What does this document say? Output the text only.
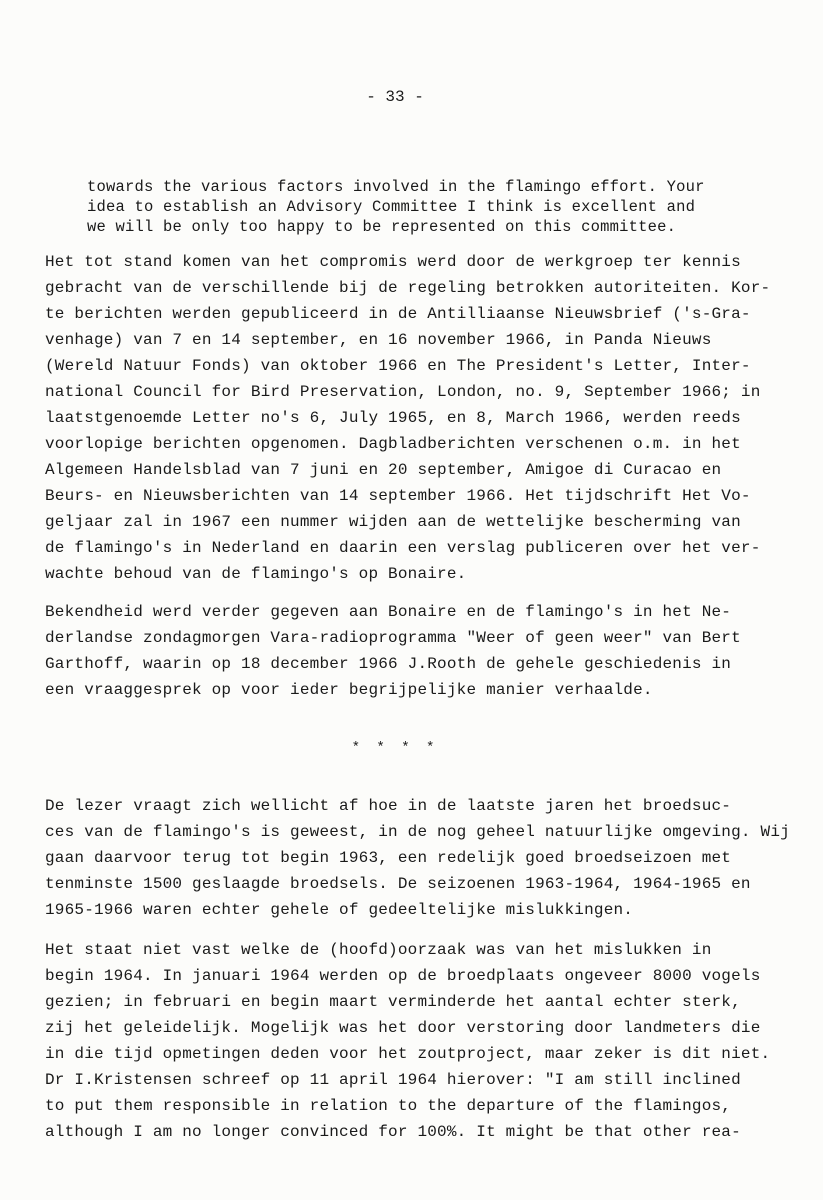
- 33 -
towards the various factors involved in the flamingo effort. Your
idea to establish an Advisory Committee I think is excellent and
we will be only too happy to be represented on this committee.
Het tot stand komen van het compromis werd door de werkgroep ter kennis
gebracht van de verschillende bij de regeling betrokken autoriteiten. Kor-
te berichten werden gepubliceerd in de Antilliaanse Nieuwsbrief ('s-Gra-
venhage) van 7 en 14 september, en 16 november 1966, in Panda Nieuws
(Wereld Natuur Fonds) van oktober 1966 en The President's Letter, Inter-
national Council for Bird Preservation, London, no. 9, September 1966; in
laatstgenoemde Letter no's 6, July 1965, en 8, March 1966, werden reeds
voorlopige berichten opgenomen. Dagbladberichten verschenen o.m. in het
Algemeen Handelsblad van 7 juni en 20 september, Amigoe di Curacao en
Beurs- en Nieuwsberichten van 14 september 1966. Het tijdschrift Het Vo-
geljaar zal in 1967 een nummer wijden aan de wettelijke bescherming van
de flamingo's in Nederland en daarin een verslag publiceren over het ver-
wachte behoud van de flamingo's op Bonaire.
Bekendheid werd verder gegeven aan Bonaire en de flamingo's in het Ne-
derlandse zondagmorgen Vara-radioprogramma "Weer of geen weer" van Bert
Garthoff, waarin op 18 december 1966 J.Rooth de gehele geschiedenis in
een vraaggesprek op voor ieder begrijpelijke manier verhaalde.
* * * *
De lezer vraagt zich wellicht af hoe in de laatste jaren het broedsuc-
ces van de flamingo's is geweest, in de nog geheel natuurlijke omgeving. Wij
gaan daarvoor terug tot begin 1963, een redelijk goed broedseizoen met
tenminste 1500 geslaagde broedsels. De seizoenen 1963-1964, 1964-1965 en
1965-1966 waren echter gehele of gedeeltelijke mislukkingen.
Het staat niet vast welke de (hoofd)oorzaak was van het mislukken in
begin 1964. In januari 1964 werden op de broedplaats ongeveer 8000 vogels
gezien; in februari en begin maart verminderde het aantal echter sterk,
zij het geleidelijk. Mogelijk was het door verstoring door landmeters die
in die tijd opmetingen deden voor het zoutproject, maar zeker is dit niet.
Dr I.Kristensen schreef op 11 april 1964 hierover: "I am still inclined
to put them responsible in relation to the departure of the flamingos,
although I am no longer convinced for 100%. It might be that other rea-
